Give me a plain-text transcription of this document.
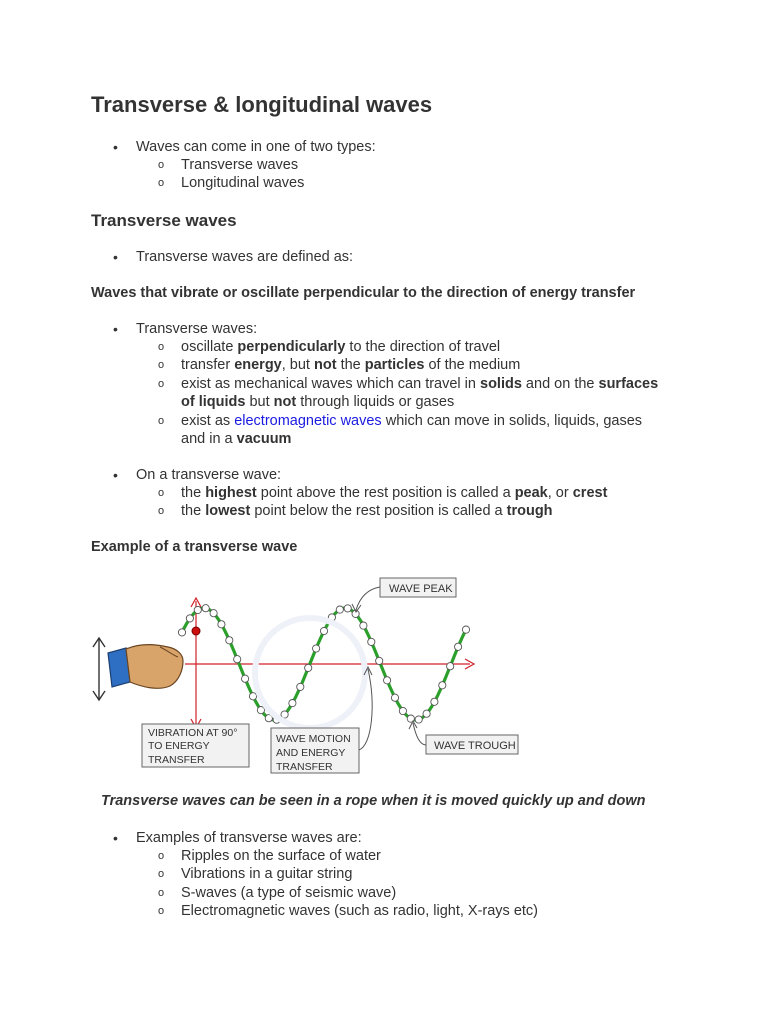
Transverse & longitudinal waves
• Waves can come in one of two types:
o Transverse waves
o Longitudinal waves
Transverse waves
• Transverse waves are defined as:
Waves that vibrate or oscillate perpendicular to the direction of energy transfer
• Transverse waves:
o oscillate perpendicularly to the direction of travel
o transfer energy, but not the particles of the medium
o exist as mechanical waves which can travel in solids and on the surfaces
of liquids but not through liquids or gases
o exist as electromagnetic waves which can move in solids, liquids, gases
and in a vacuum
• On a transverse wave:
o the highest point above the rest position is called a peak, or crest
o the lowest point below the rest position is called a trough
Example of a transverse wave
WAVE PEAK
WAVE TROUGH
VIBRATION AT 90°
TO ENERGY
TRANSFER
WAVE MOTION
AND ENERGY
TRANSFER
Transverse waves can be seen in a rope when it is moved quickly up and down
• Examples of transverse waves are:
o Ripples on the surface of water
o Vibrations in a guitar string
o S-waves (a type of seismic wave)
o Electromagnetic waves (such as radio, light, X-rays etc)
